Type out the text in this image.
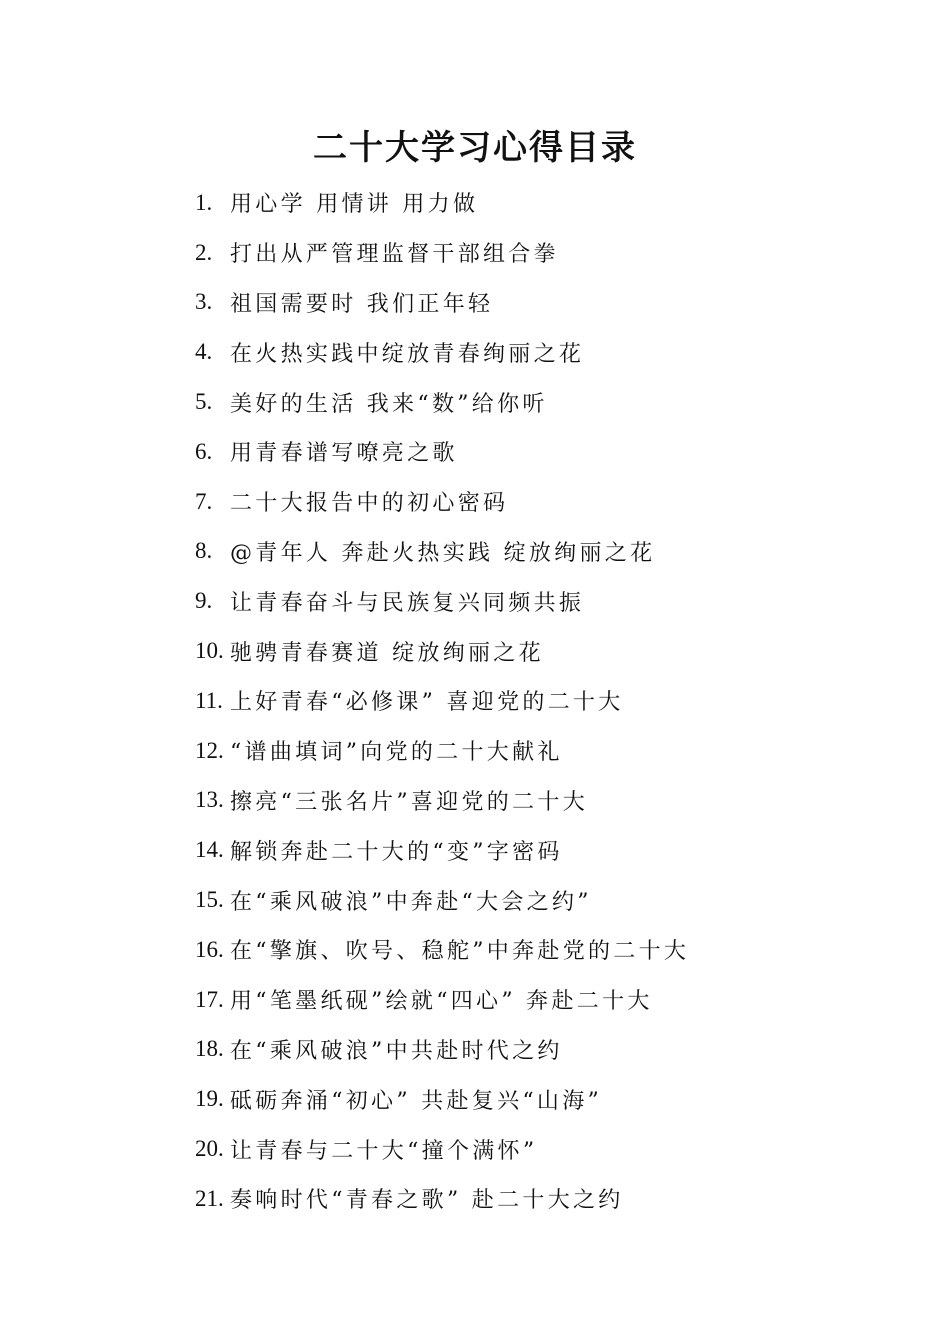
二十大学习心得目录
1. 用心学 用情讲 用力做
2. 打出从严管理监督干部组合拳
3. 祖国需要时 我们正年轻
4. 在火热实践中绽放青春绚丽之花
5. 美好的生活 我来“数”给你听
6. 用青春谱写嘹亮之歌
7. 二十大报告中的初心密码
8. @青年人 奔赴火热实践 绽放绚丽之花
9. 让青春奋斗与民族复兴同频共振
10. 驰骋青春赛道 绽放绚丽之花
11. 上好青春“必修课” 喜迎党的二十大
12. “谱曲填词”向党的二十大献礼
13. 擦亮“三张名片”喜迎党的二十大
14. 解锁奔赴二十大的“变”字密码
15. 在“乘风破浪”中奔赴“大会之约”
16. 在“擎旗、吹号、稳舵”中奔赴党的二十大
17. 用“笔墨纸砚”绘就“四心” 奔赴二十大
18. 在“乘风破浪”中共赴时代之约
19. 砥砺奔涌“初心” 共赴复兴“山海”
20. 让青春与二十大“撞个满怀”
21. 奏响时代“青春之歌” 赴二十大之约
